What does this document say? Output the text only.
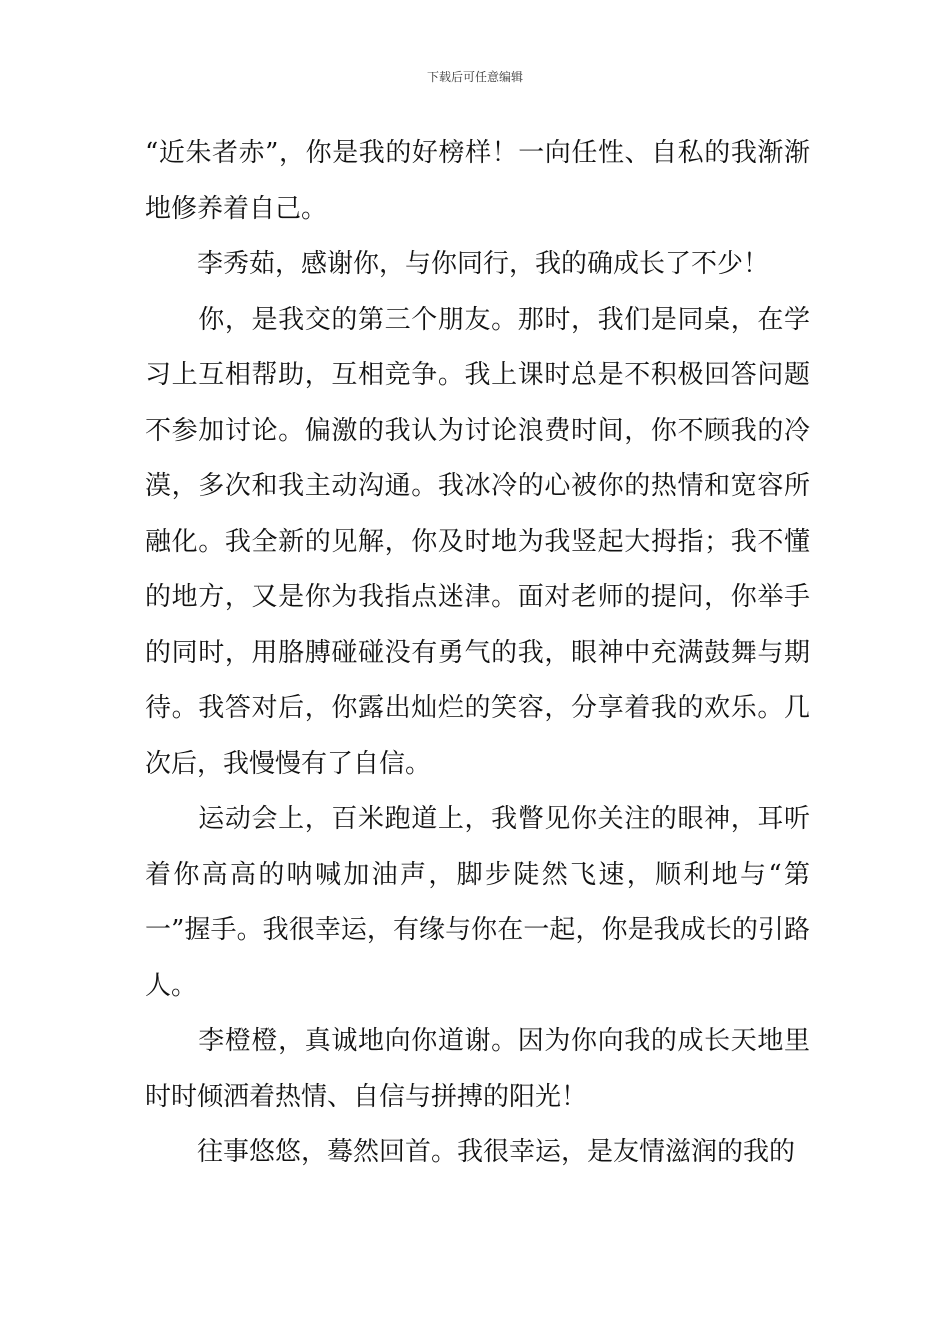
下载后可任意编辑

“近朱者赤”，你是我的好榜样！一向任性、自私的我渐渐地修养着自己。

　　李秀茹，感谢你，与你同行，我的确成长了不少！

　　你，是我交的第三个朋友。那时，我们是同桌，在学习上互相帮助，互相竞争。我上课时总是不积极回答问题不参加讨论。偏激的我认为讨论浪费时间，你不顾我的冷漠，多次和我主动沟通。我冰冷的心被你的热情和宽容所融化。我全新的见解，你及时地为我竖起大拇指；我不懂的地方，又是你为我指点迷津。面对老师的提问，你举手的同时，用胳膊碰碰没有勇气的我，眼神中充满鼓舞与期待。我答对后，你露出灿烂的笑容，分享着我的欢乐。几次后，我慢慢有了自信。

　　运动会上，百米跑道上，我瞥见你关注的眼神，耳听着你高高的呐喊加油声，脚步陡然飞速，顺利地与“第一”握手。我很幸运，有缘与你在一起，你是我成长的引路人。

　　李橙橙，真诚地向你道谢。因为你向我的成长天地里时时倾洒着热情、自信与拼搏的阳光！

　　往事悠悠，蓦然回首。我很幸运，是友情滋润的我的
